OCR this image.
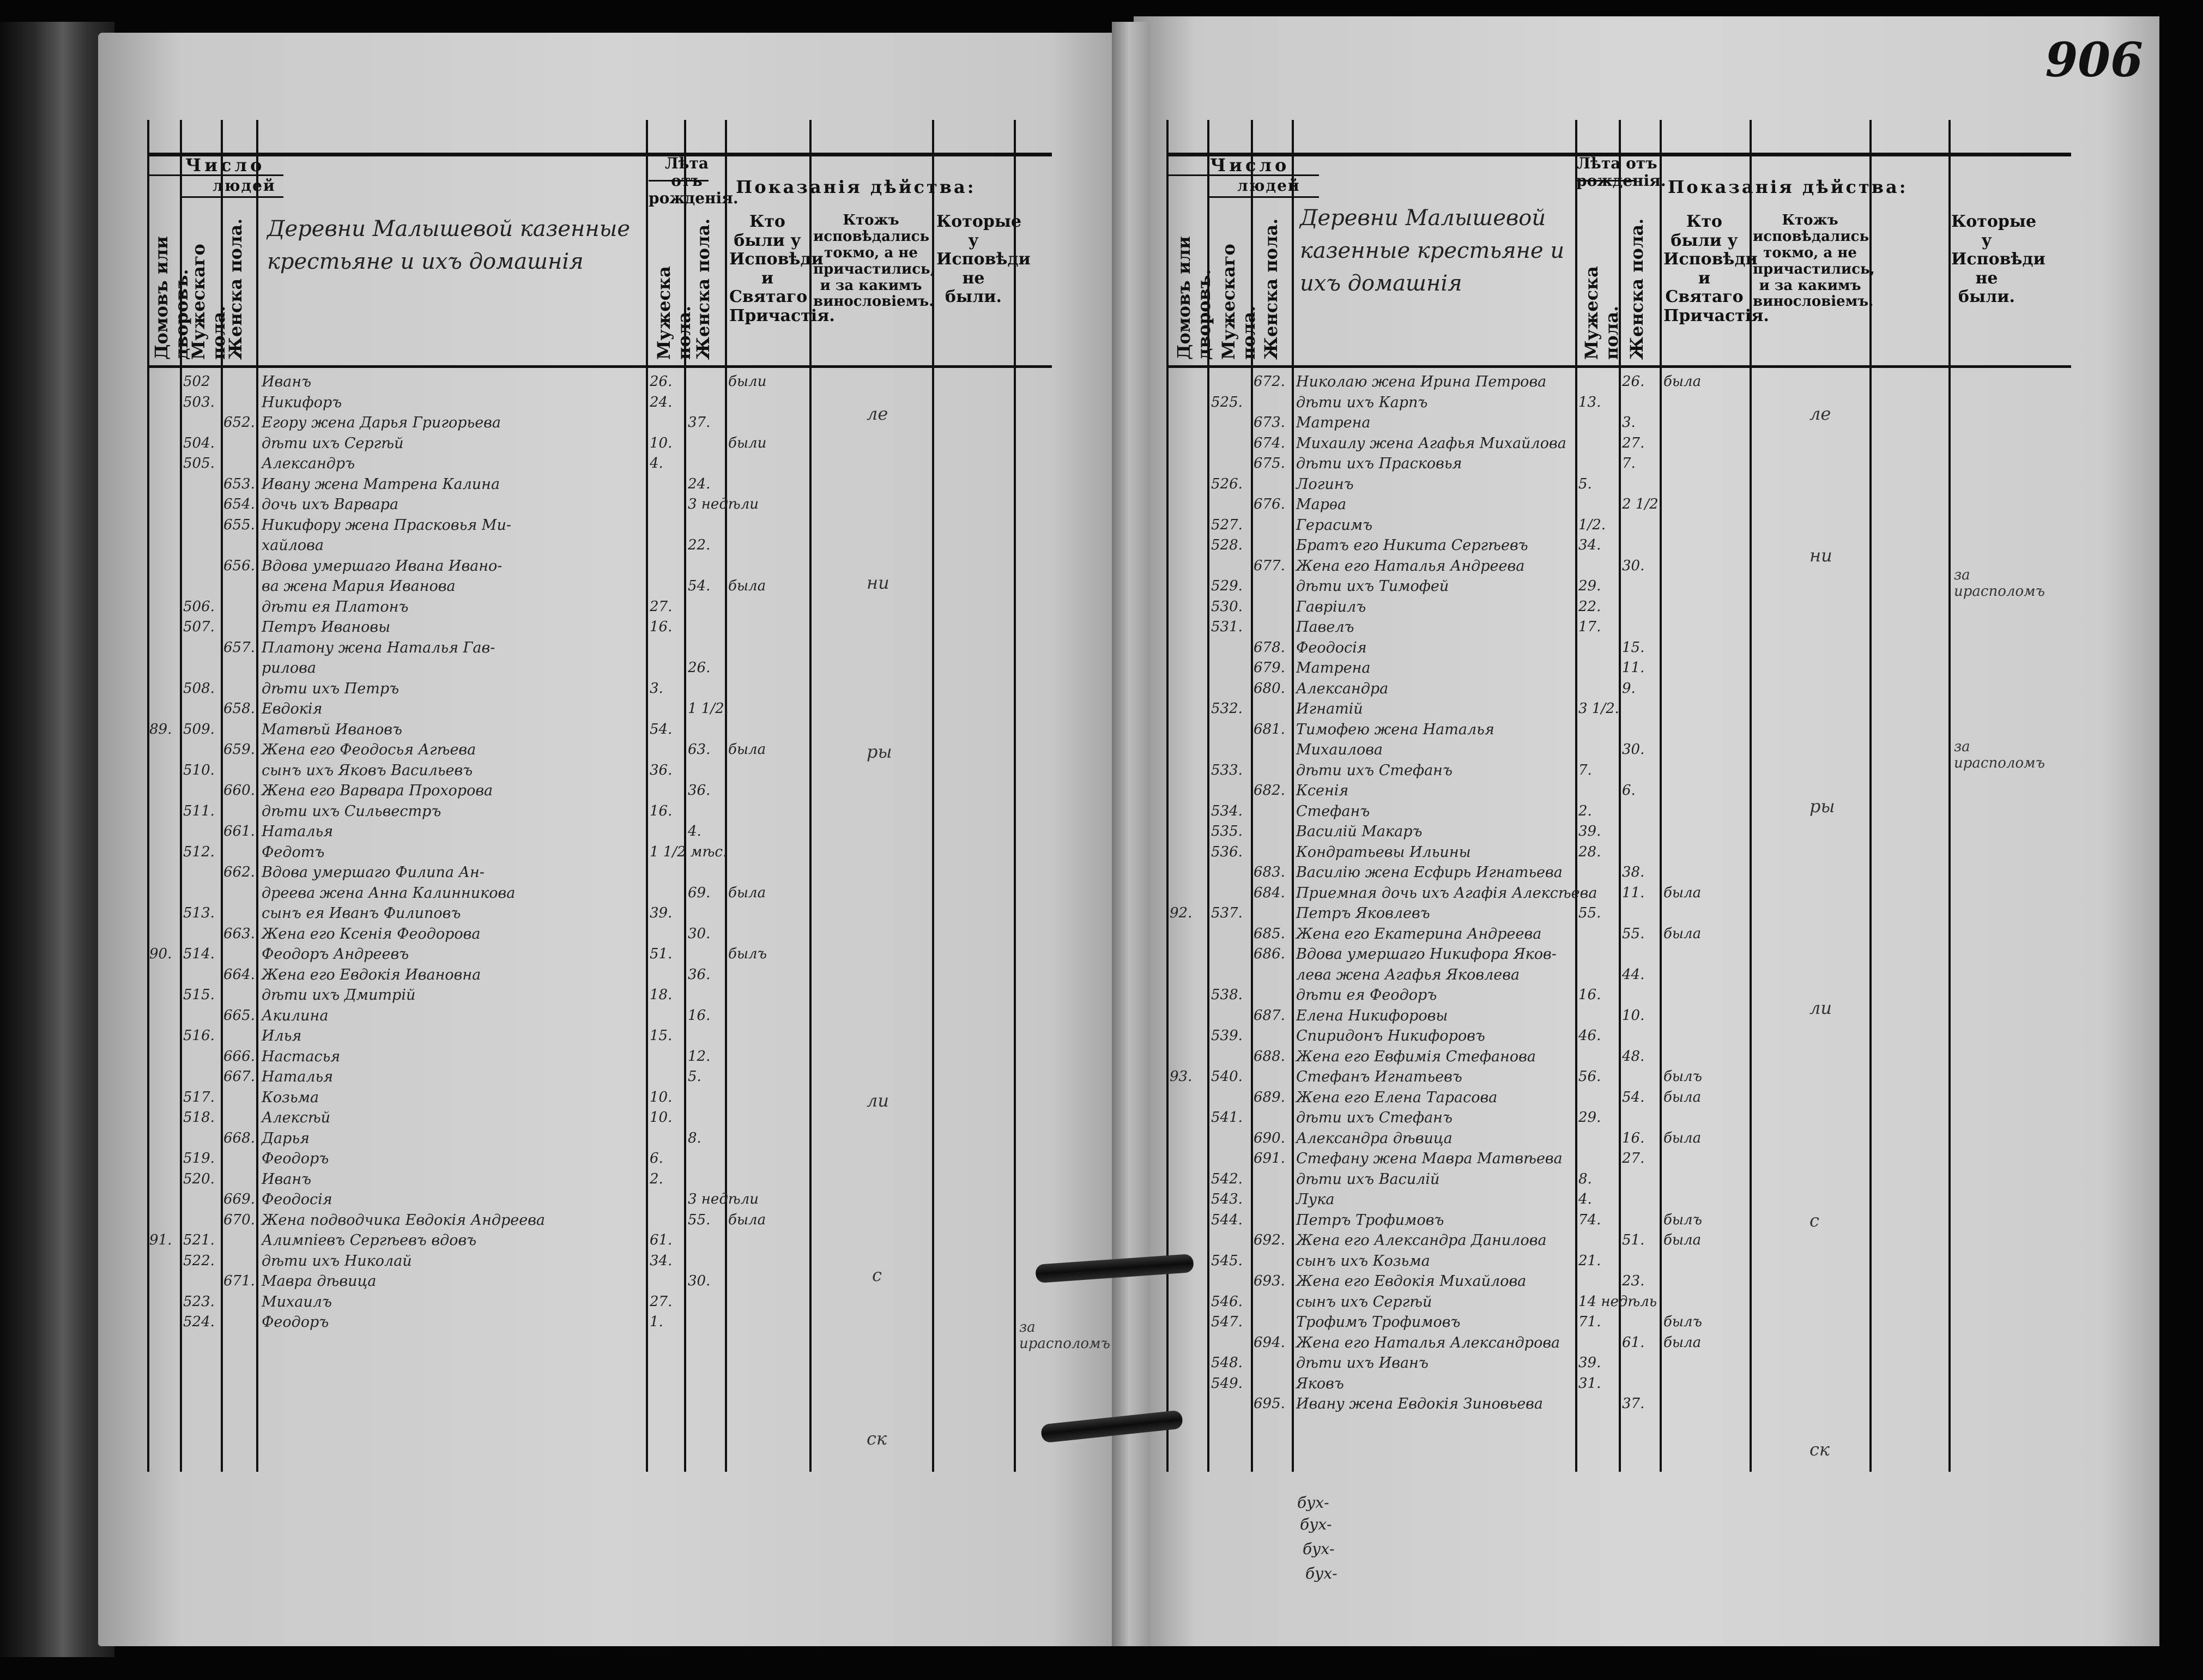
906
Число
людей
Домовъ или дворовъ.
Мужескаго пола.
Женска пола. Деревни Малышевой казенные крестьяне и ихъ домашнія
Лѣта отъ рожденія.
Мужеска пола.
Женска пола.
Показанія дѣйства:
Кто были у Исповѣди и Святаго Причастія.
Ктожъ исповѣдались токмо, а не причастились, и за какимъ винословіемъ.
Которые у Исповѣди не были.
502	Иванъ	26.	были
503.	Никифоръ	24.
652. Егору жена Дарья Григорьева	37.
504.	дѣти ихъ Сергѣй	10.	были
505.	Александръ	4.
653. Ивану жена Матрена Калина	24.
654. дочь ихъ Варвара	3 недѣли
655. Никифору жена Прасковья Ми-
хайлова	22.
656. Вдова умершаго Ивана Ивано-
ва жена Мария Иванова	54.	была
506.	дѣти ея Платонъ	27.
507.	Петръ Ивановы	16.
657. Платону жена Наталья Гав-
рилова	26.
508.	дѣти ихъ Петръ	3.
658. Евдокія	1 1/2.
89. 509.	Матвѣй Ивановъ	54.
659. Жена его Феодосья Агѣева	63.	была
510.	сынъ ихъ Яковъ Васильевъ	36.
660. Жена его Варвара Прохорова	36.
511.	дѣти ихъ Сильвестръ	16.
661. Наталья	4.
512.	Федотъ	1 1/2 мѣс.
662. Вдова умершаго Филипа Ан-
дреева жена Анна Калинникова	69.	была
513.	сынъ ея Иванъ Филиповъ	39.
663. Жена его Ксенія Феодорова	30.
90. 514.	Феодоръ Андреевъ	51.	былъ
664. Жена его Евдокія Ивановна	36.
515.	дѣти ихъ Дмитрій	18.
665. Акилина	16.
516.	Илья	15.
666. Настасья	12.
667. Наталья	5.
517.	Козьма	10.
518.	Алексѣй	10.
668. Дарья	8.
519.	Феодоръ	6.
520.	Иванъ	2.
669. Феодосія	3 недѣли
670. Жена подводчика Евдокія Андреева	55.	была
91. 521.	Алимпіевъ Сергѣевъ вдовъ	61.
522.	дѣти ихъ Николай	34.
671. Мавра дѣвица	30.
523.	Михаилъ	27.
524.	Феодоръ	1.
ле
ни
ры
ли
с
ск
за ирасполомъ
Число
людей
Домовъ или дворовъ. Мужескаго пола. Женска пола.
Деревни Малышевой казенные крестьяне и ихъ домашнія
Лѣта отъ рожденія.
Мужеска пола. Женска пола.
Показанія дѣйства:
Кто были у Исповѣди и Святаго Причастія.
Ктожъ исповѣдались токмо, а не причастились, и за какимъ винословіемъ.
Которые у Исповѣди не были.
672. Николаю жена Ирина Петрова	26.	была
525.	дѣти ихъ Карпъ	13.
673. Матрена	3.
674. Михаилу жена Агафья Михайлова	27.
675. дѣти ихъ Прасковья	7.
526.	Логинъ	5.
676. Марѳа	2 1/2.
527.	Герасимъ	1/2.
528.	Братъ его Никита Сергѣевъ	34.
677. Жена его Наталья Андреева	30.
529.	дѣти ихъ Тимофей	29.
530.	Гавріилъ	22.
531.	Павелъ	17.
678. Феодосія	15.
679. Матрена	11.
680. Александра	9.
532.	Игнатій	3 1/2.
681. Тимофею жена Наталья
Михаилова	30.
533.	дѣти ихъ Стефанъ	7.
682. Ксенія	6.
534.	Стефанъ	2.
535.	Василій Макаръ	39.
536.	Кондратьевы Ильины	28.
683. Василію жена Есфирь Игнатьева	38.
684. Приемная дочь ихъ Агафія Алексѣева 11.	была
92.	537.	Петръ Яковлевъ	55.
685. Жена его Екатерина Андреева	55.	была
686. Вдова умершаго Никифора Яков-
лева жена Агафья Яковлева	44.
538.	дѣти ея Феодоръ	16.
687. Елена Никифоровы	10.
539.	Спиридонъ Никифоровъ	46.
688. Жена его Евфимія Стефанова	48.
93.	540.	Стефанъ Игнатьевъ	56.	былъ
689. Жена его Елена Тарасова	54.	была
541.	дѣти ихъ Стефанъ	29.
690. Александра дѣвица	16.	была
691. Стефану жена Мавра Матвѣева	27.
542.	дѣти ихъ Василій	8.
543.	Лука	4.
544.	Петръ Трофимовъ	74.	былъ
692. Жена его Александра Данилова	51.	была
545.	сынъ ихъ Козьма	21.
693. Жена его Евдокія Михайлова	23.
546.	сынъ ихъ Сергѣй	14 недѣль
547.	Трофимъ Трофимовъ	71.	былъ
694. Жена его Наталья Александрова	61.	была
548.	дѣти ихъ Иванъ	39.
549.	Яковъ	31.
695. Ивану жена Евдокія Зиновьева	37.
ле
ни
ры
ли
с
ск
за ирасполомъ
за ирасполомъ
бух-
бух-
бух-
бух-
